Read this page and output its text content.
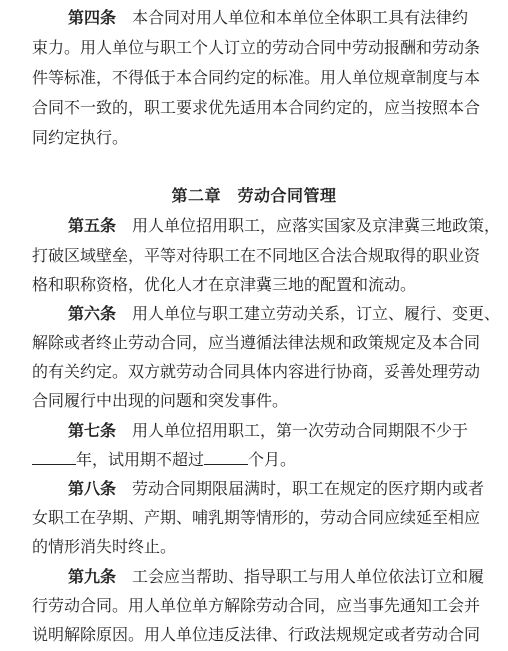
第四条　 本合同对用人单位和本单位全体职工具有法律约
束力。用人单位与职工个人订立的劳动合同中劳动报酬和劳动条
件等标准，不得低于本合同约定的标准。用人单位规章制度与本
合同不一致的，职工要求优先适用本合同约定的，应当按照本合
同约定执行。
第二章　劳动合同管理
第五条　 用人单位招用职工，应落实国家及京津冀三地政策，
打破区域壁垒，平等对待职工在不同地区合法合规取得的职业资
格和职称资格，优化人才在京津冀三地的配置和流动。
第六条　 用人单位与职工建立劳动关系，订立、履行、变更、
解除或者终止劳动合同，应当遵循法律法规和政策规定及本合同
的有关约定。双方就劳动合同具体内容进行协商，妥善处理劳动
合同履行中出现的问题和突发事件。
第七条　 用人单位招用职工，第一次劳动合同期限不少于
年，试用期不超过	个月。
第八条　 劳动合同期限届满时，职工在规定的医疗期内或者
女职工在孕期、产期、哺乳期等情形的，劳动合同应续延至相应
的情形消失时终止。
第九条　 工会应当帮助、指导职工与用人单位依法订立和履
行劳动合同。用人单位单方解除劳动合同，应当事先通知工会并
说明解除原因。用人单位违反法律、行政法规规定或者劳动合同
